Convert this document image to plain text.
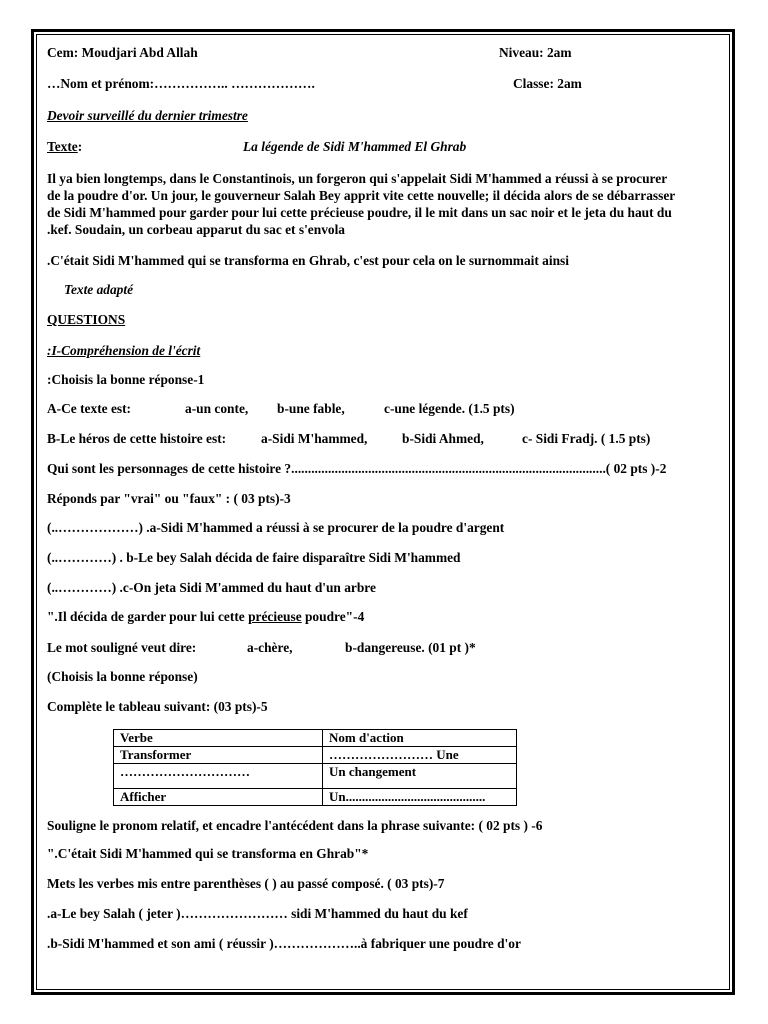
Cem: Moudjari Abd Allah	Niveau: 2am
…Nom et prénom:…………….. ……………….	Classe: 2am
Devoir surveillé du dernier trimestre
Texte:	La légende de Sidi M'hammed El Ghrab
Il ya bien longtemps, dans le Constantinois, un forgeron qui s'appelait Sidi M'hammed a réussi à se procurer
de la poudre d'or. Un jour, le gouverneur Salah Bey apprit vite cette nouvelle; il décida alors de se débarrasser
de Sidi M'hammed pour garder pour lui cette précieuse poudre, il le mit dans un sac noir et le jeta du haut du
.kef. Soudain, un corbeau apparut du sac et s'envola
.C'était Sidi M'hammed qui se transforma en Ghrab, c'est pour cela on le surnommait ainsi
Texte adapté
QUESTIONS
:I-Compréhension de l'écrit
:Choisis la bonne réponse-1
A-Ce texte est:	a-un conte, b-une fable,	c-une légende. (1.5 pts)
B-Le héros de cette histoire est:	a-Sidi M'hammed,	b-Sidi Ahmed,	c- Sidi Fradj. ( 1.5 pts)
Qui sont les personnages de cette histoire ?..............................................................................................( 02 pts )-2
Réponds par "vrai" ou "faux" : ( 03 pts)-3
(..………………) .a-Sidi M'hammed a réussi à se procurer de la poudre d'argent
(..…………) . b-Le bey Salah décida de faire disparaître Sidi M'hammed
(..…………) .c-On jeta Sidi M'ammed du haut d'un arbre
".Il décida de garder pour lui cette précieuse poudre"-4
Le mot souligné veut dire:	a-chère,	b-dangereuse. (01 pt )*
(Choisis la bonne réponse)
Complète le tableau suivant: (03 pts)-5
Verbe	Nom d'action
Transformer	…………………… Une
…………………………	Un changement
Afficher	Un...........................................
Souligne le pronom relatif, et encadre l'antécédent dans la phrase suivante: ( 02 pts ) -6
".C'était Sidi M'hammed qui se transforma en Ghrab"*
Mets les verbes mis entre parenthèses ( ) au passé composé. ( 03 pts)-7
.a-Le bey Salah ( jeter )…………………… sidi M'hammed du haut du kef
.b-Sidi M'hammed et son ami ( réussir )………………..à fabriquer une poudre d'or
